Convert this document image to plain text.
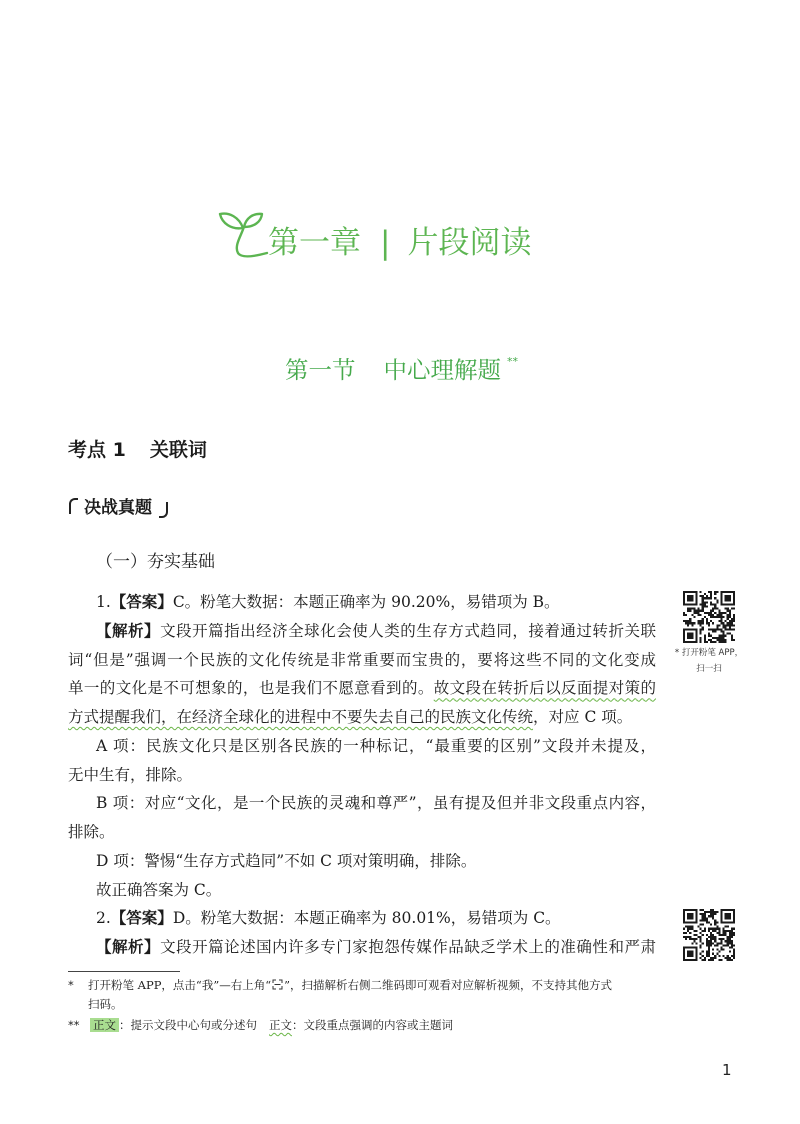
第一章 | 片段阅读
第一节 中心理解题 **
考点 1 关联词
决战真题
（一）夯实基础
1.【答案】C。粉笔大数据：本题正确率为 90.20%，易错项为 B。
【解析】文段开篇指出经济全球化会使人类的生存方式趋同，接着通过转折关联
词“但是”强调一个民族的文化传统是非常重要而宝贵的，要将这些不同的文化变成
单一的文化是不可想象的，也是我们不愿意看到的。故文段在转折后以反面提对策的
方式提醒我们，在经济全球化的进程中不要失去自己的民族文化传统，对应 C 项。
A 项：民族文化只是区别各民族的一种标记，“最重要的区别”文段并未提及，
无中生有，排除。
B 项：对应“文化，是一个民族的灵魂和尊严”，虽有提及但并非文段重点内容，
排除。
D 项：警惕“生存方式趋同”不如 C 项对策明确，排除。
故正确答案为 C。
2.【答案】D。粉笔大数据：本题正确率为 80.01%，易错项为 C。
【解析】文段开篇论述国内许多专门家抱怨传媒作品缺乏学术上的准确性和严肃
* 打开粉笔 APP，
扫一扫
* 打开粉笔 APP，点击“我”—右上角“ ”，扫描解析右侧二维码即可观看对应解析视频，不支持其他方式
扫码。
** 正文 ：提示文段中心句或分述句 正文：文段重点强调的内容或主题词
1
